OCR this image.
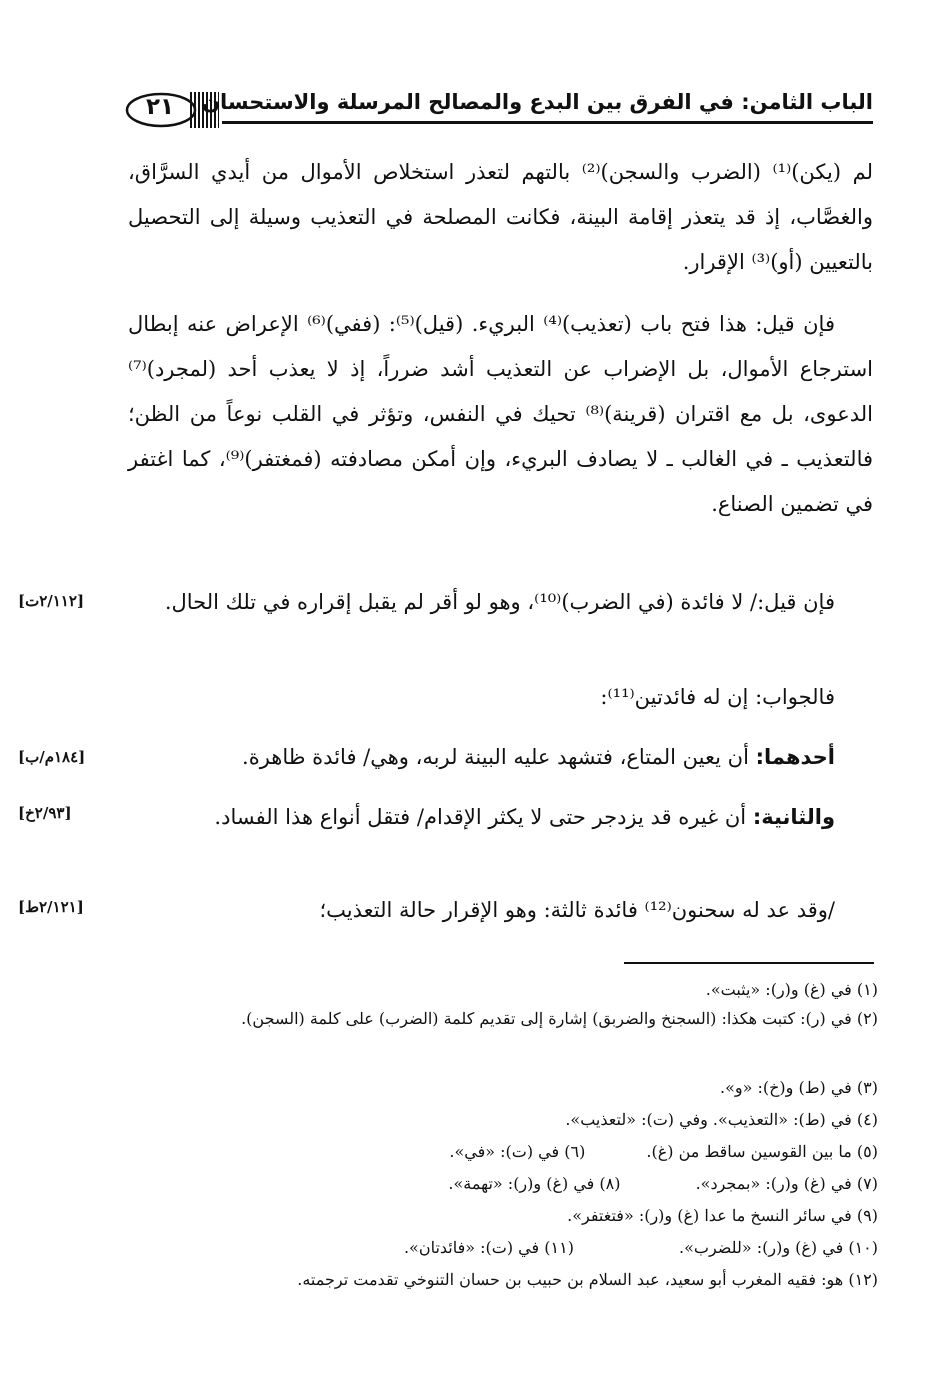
٢١	الباب الثامن: في الفرق بين البدع والمصالح المرسلة والاستحسان

لم (يكن)⁽¹⁾ (الضرب والسجن)⁽²⁾ بالتهم لتعذر استخلاص الأموال من أيدي السرَّاق، والغصَّاب، إذ قد يتعذر إقامة البينة، فكانت المصلحة في التعذيب وسيلة إلى التحصيل بالتعيين (أو)⁽³⁾ الإقرار.

فإن قيل: هذا فتح باب (تعذيب)⁽⁴⁾ البريء. (قيل)⁽⁵⁾: (ففي)⁽⁶⁾ الإعراض عنه إبطال استرجاع الأموال، بل الإضراب عن التعذيب أشد ضرراً، إذ لا يعذب أحد (لمجرد)⁽⁷⁾ الدعوى، بل مع اقتران (قرينة)⁽⁸⁾ تحيك في النفس، وتؤثر في القلب نوعاً من الظن؛ فالتعذيب ـ في الغالب ـ لا يصادف البريء، وإن أمكن مصادفته (فمغتفر)⁽⁹⁾، كما اغتفر في تضمين الصناع.

فإن قيل:/ لا فائدة (في الضرب)⁽¹⁰⁾، وهو لو أقر لم يقبل إقراره في تلك الحال.

[٢/١١٢ت]

فالجواب: إن له فائدتين⁽¹¹⁾:

أحدهما: أن يعين المتاع، فتشهد عليه البينة لربه، وهي/ فائدة ظاهرة.

[١٨٤م/ب]

والثانية: أن غيره قد يزدجر حتى لا يكثر الإقدام/ فتقل أنواع هذا الفساد.

[٢/٩٣خ]

/وقد عد له سحنون⁽¹²⁾ فائدة ثالثة: وهو الإقرار حالة التعذيب؛

[٢/١٢١ط]
(١) في (غ) و(ر): «يثبت».
(٢) في (ر): كتبت هكذا: (السجنخ والضربق) إشارة إلى تقديم كلمة (الضرب) على كلمة (السجن).
(٣) في (ط) و(خ): «و».
(٤) في (ط): «التعذيب». وفي (ت): «لتعذيب».
(٥) ما بين القوسين ساقط من (غ). (٦) في (ت): «في».
(٧) في (غ) و(ر): «بمجرد». (٨) في (غ) و(ر): «تهمة».
(٩) في سائر النسخ ما عدا (غ) و(ر): «فتغتفر».
(١٠) في (غ) و(ر): «للضرب». (١١) في (ت): «فائدتان».
(١٢) هو: فقيه المغرب أبو سعيد، عبد السلام بن حبيب بن حسان التنوخي تقدمت ترجمته.
